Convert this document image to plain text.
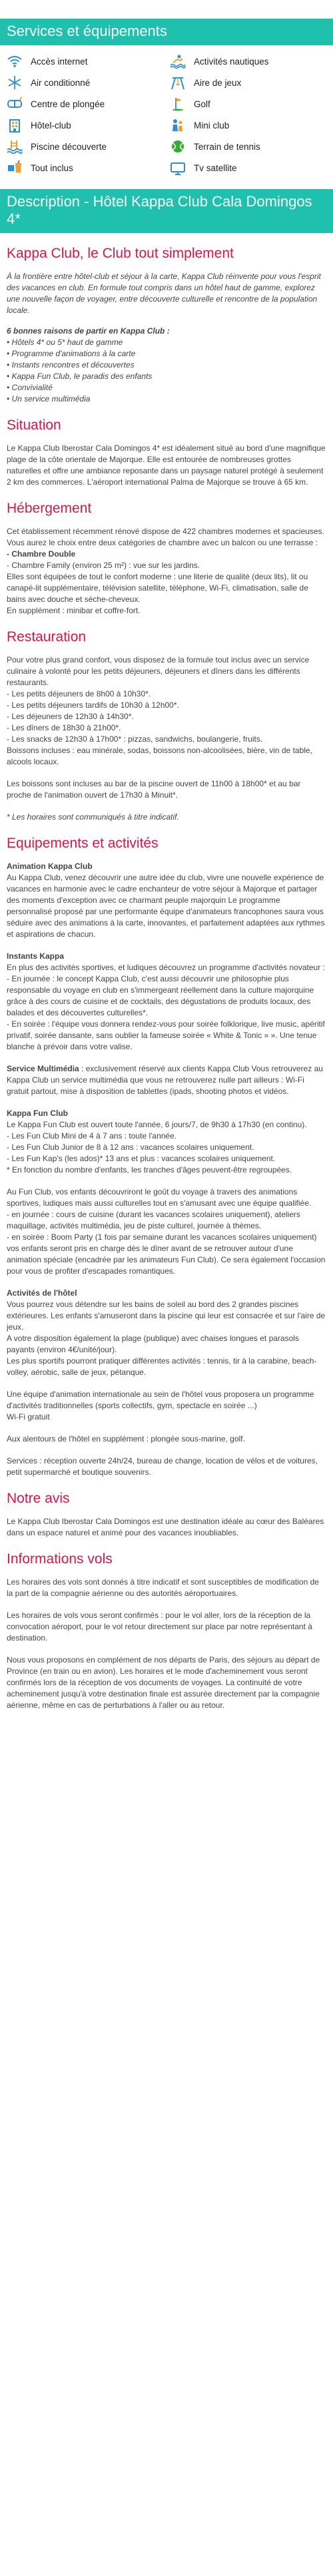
Services et équipements
Accès internet	Activités nautiques
Air conditionné	Aire de jeux
Centre de plongée	Golf
Hôtel-club	Mini club
Piscine découverte	Terrain de tennis
Tout inclus	Tv satellite
Description - Hôtel Kappa Club Cala Domingos 4*
Kappa Club, le Club tout simplement

À la frontière entre hôtel-club et séjour à la carte, Kappa Club réinvente pour vous l'esprit des vacances en club. En formule tout compris dans un hôtel haut de gamme, explorez une nouvelle façon de voyager, entre découverte culturelle et rencontre de la population locale.

6 bonnes raisons de partir en Kappa Club :

• Hôtels 4* ou 5* haut de gamme
• Programme d'animations à la carte
• Instants rencontres et découvertes
• Kappa Fun Club, le paradis des enfants
• Convivialité
• Un service multimédia
Situation

Le Kappa Club Iberostar Cala Domingos 4* est idéalement situé au bord d'une magnifique plage de la côte orientale de Majorque. Elle est entourée de nombreuses grottes naturelles et offre une ambiance reposante dans un paysage naturel protégé à seulement 2 km des commerces. L'aéroport international Palma de Majorque se trouve à 65 km.

Hébergement

Cet établissement récemment rénové dispose de 422 chambres modernes et spacieuses. Vous aurez le choix entre deux catégories de chambre avec un balcon ou une terrasse :

- Chambre Double

- Chambre Family (environ 25 m²) : vue sur les jardins.

Elles sont équipées de tout le confort moderne : une literie de qualité (deux lits), lit ou canapé-lit supplémentaire, télévision satellite, téléphone, Wi-Fi, climatisation, salle de bains avec douche et sèche-cheveux.

En supplément : minibar et coffre-fort.

Restauration

Pour votre plus grand confort, vous disposez de la formule tout inclus avec un service culinaire à volonté pour les petits déjeuners, déjeuners et dîners dans les différents restaurants.

- Les petits déjeuners de 8h00 à 10h30*.

- Les petits déjeuners tardifs de 10h30 à 12h00*.

- Les déjeuners de 12h30 à 14h30*.

- Les dîners de 18h30 à 21h00*.

- Les snacks de 12h30 à 17h00* : pizzas, sandwichs, boulangerie, fruits.

Boissons incluses : eau minérale, sodas, boissons non-alcoolisées, bière, vin de table, alcools locaux.

Les boissons sont incluses au bar de la piscine ouvert de 11h00 à 18h00* et au bar proche de l'animation ouvert de 17h30 à Minuit*.

* Les horaires sont communiqués à titre indicatif.

Equipements et activités

Animation Kappa Club

Au Kappa Club, venez découvrir une autre idée du club, vivre une nouvelle expérience de vacances en harmonie avec le cadre enchanteur de votre séjour à Majorque et partager des moments d'exception avec ce charmant peuple majorquin Le programme personnalisé proposé par une performante équipe d'animateurs francophones saura vous séduire avec des animations à la carte, innovantes, et parfaitement adaptées aux rythmes et aspirations de chacun.

Instants Kappa

En plus des activités sportives, et ludiques découvrez un programme d'activités novateur :

- En journée : le concept Kappa Club, c'est aussi découvrir une philosophie plus responsable du voyage en club en s'immergeant réellement dans la culture majorquine grâce à des cours de cuisine et de cocktails, des dégustations de produits locaux, des balades et des découvertes culturelles*.

- En soirée : l'équipe vous donnera rendez-vous pour soirée folklorique, live music, apéritif privatif, soirée dansante, sans oublier la fameuse soirée « White & Tonic » ». Une tenue blanche à prévoir dans votre valise.

Service Multimédia : exclusivement réservé aux clients Kappa Club Vous retrouverez au Kappa Club un service multimédia que vous ne retrouverez nulle part ailleurs : Wi-Fi gratuit partout, mise à disposition de tablettes (ipads, shooting photos et vidéos.

Kappa Fun Club

Le Kappa Fun Club est ouvert toute l'année, 6 jours/7, de 9h30 à 17h30 (en continu).

- Les Fun Club Mini de 4 à 7 ans : toute l'année.

- Les Fun Club Junior de 8 à 12 ans : vacances scolaires uniquement.

- Les Fun Kap's (les ados)* 13 ans et plus : vacances scolaires uniquement.

* En fonction du nombre d'enfants, les tranches d'âges peuvent-être regroupées.

Au Fun Club, vos enfants découvriront le goût du voyage à travers des animations sportives, ludiques mais aussi culturelles tout en s'amusant avec une équipe qualifiée.

- en journée : cours de cuisine (durant les vacances scolaires uniquement), ateliers maquillage, activités multimédia, jeu de piste culturel, journée à thèmes.

- en soirée : Boom Party (1 fois par semaine durant les vacances scolaires uniquement) vos enfants seront pris en charge dès le dîner avant de se retrouver autour d'une animation spéciale (encadrée par les animateurs Fun Club). Ce sera également l'occasion pour vous de profiter d'escapades romantiques.

Activités de l'hôtel

Vous pourrez vous détendre sur les bains de soleil au bord des 2 grandes piscines extérieures. Les enfants s'amuseront dans la piscine qui leur est consacrée et sur l'aire de jeux.

A votre disposition également la plage (publique) avec chaises longues et parasols payants (environ 4€/unité/jour).

Les plus sportifs pourront pratiquer différentes activités : tennis, tir à la carabine, beach-volley, aérobic, salle de jeux, pétanque.

Une équipe d'animation internationale au sein de l'hôtel vous proposera un programme d'activités traditionnelles (sports collectifs, gym, spectacle en soirée ...)

Wi-Fi gratuit

Aux alentours de l'hôtel en supplément : plongée sous-marine, golf.

Services : réception ouverte 24h/24, bureau de change, location de vélos et de voitures, petit supermarché et boutique souvenirs.

Notre avis

Le Kappa Club Iberostar Cala Domingos est une destination idéale au cœur des Baléares dans un espace naturel et animé pour des vacances inoubliables.

Informations vols

Les horaires des vols sont donnés à titre indicatif et sont susceptibles de modification de la part de la compagnie aérienne ou des autorités aéroportuaires.

Les horaires de vols vous seront confirmés : pour le vol aller, lors de la réception de la convocation aéroport, pour le vol retour directement sur place par notre représentant à destination.

Nous vous proposons en complément de nos départs de Paris, des séjours au départ de Province (en train ou en avion). Les horaires et le mode d'acheminement vous seront confirmés lors de la réception de vos documents de voyages. La continuité de votre acheminement jusqu'à votre destination finale est assurée directement par la compagnie aérienne, même en cas de perturbations à l'aller ou au retour.
